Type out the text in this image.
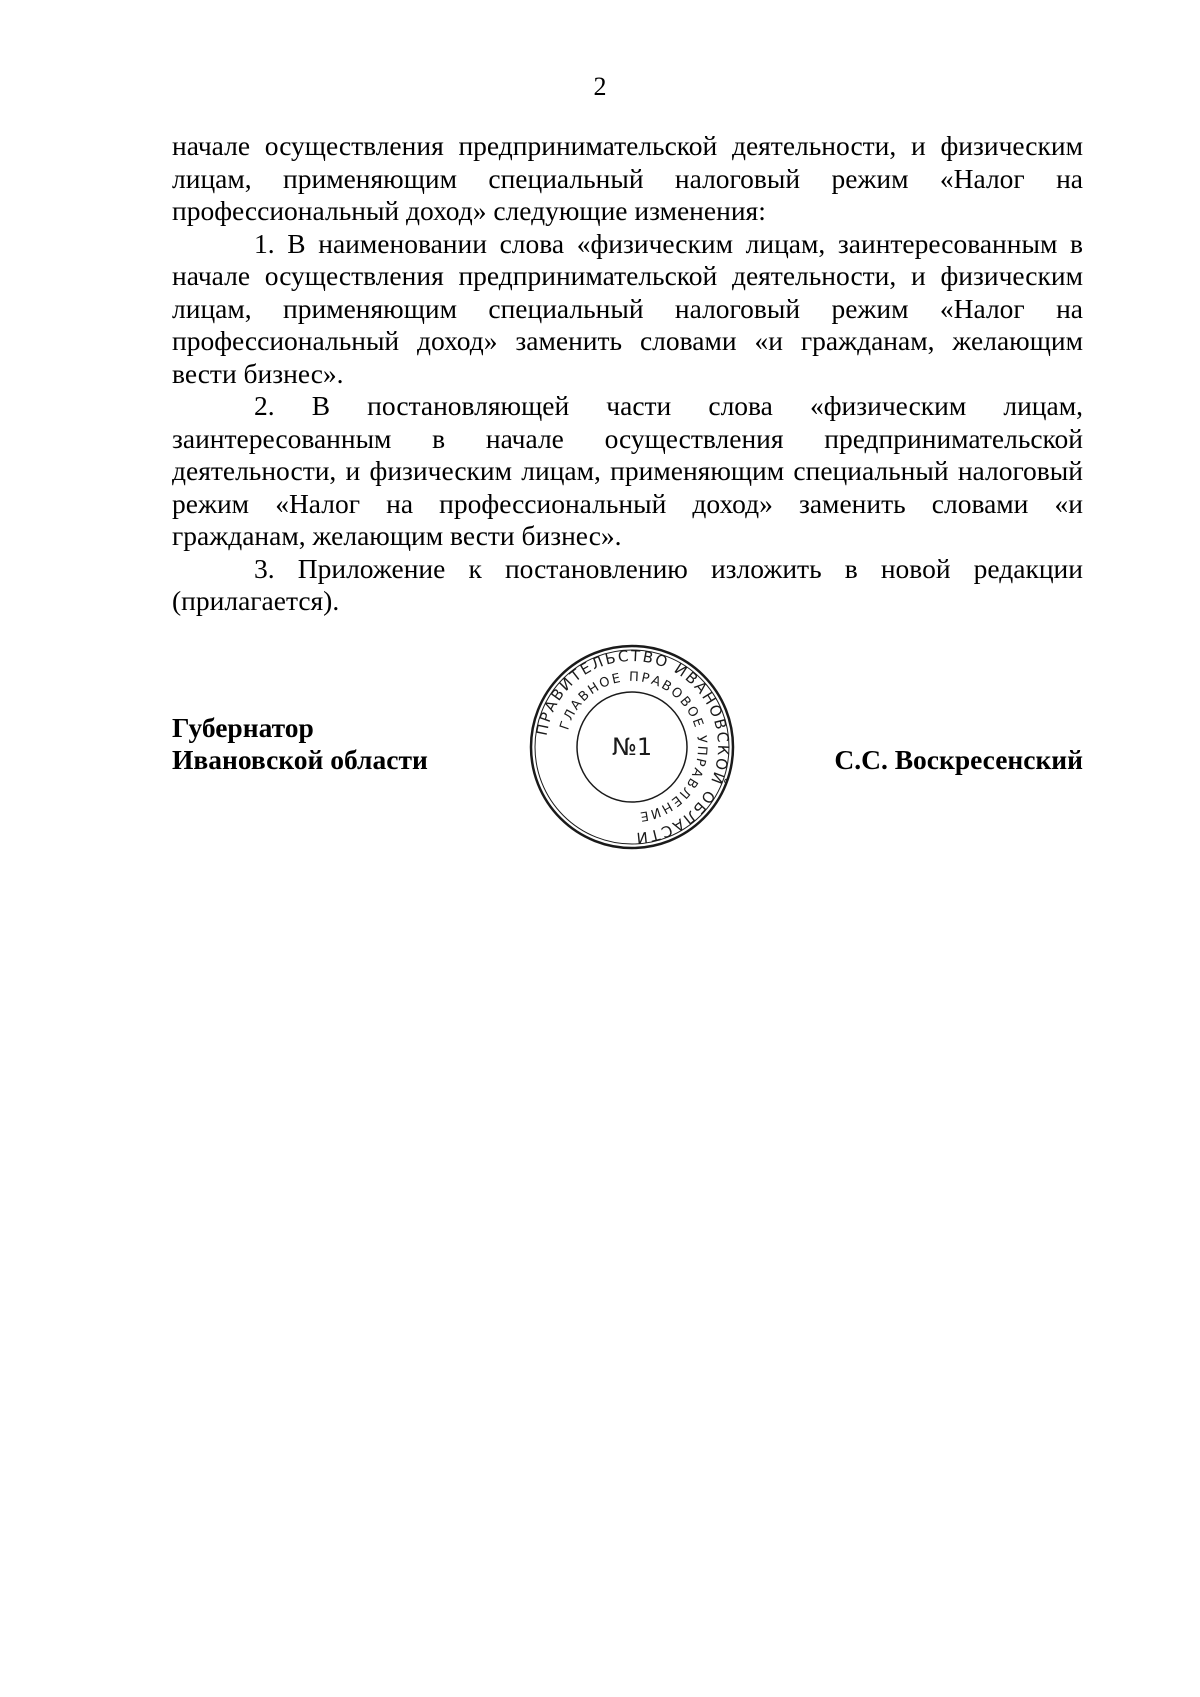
2

начале осуществления предпринимательской деятельности, и физическим лицам, применяющим специальный налоговый режим «Налог на профессиональный доход» следующие изменения:

1. В наименовании слова «физическим лицам, заинтересованным в начале осуществления предпринимательской деятельности, и физическим лицам, применяющим специальный налоговый режим «Налог на профессиональный доход» заменить словами «и гражданам, желающим вести бизнес».

2. В постановляющей части слова «физическим лицам, заинтересованным в начале осуществления предпринимательской деятельности, и физическим лицам, применяющим специальный налоговый режим «Налог на профессиональный доход» заменить словами «и гражданам, желающим вести бизнес».

3. Приложение к постановлению изложить в новой редакции (прилагается).

Губернатор
Ивановской области	С.С. Воскресенский
ПРАВИТЕЛЬСТВО ИВАНОВСКОЙ ОБЛАСТИ
ГЛАВНОЕ ПРАВОВОЕ УПРАВЛЕНИЕ
№1
